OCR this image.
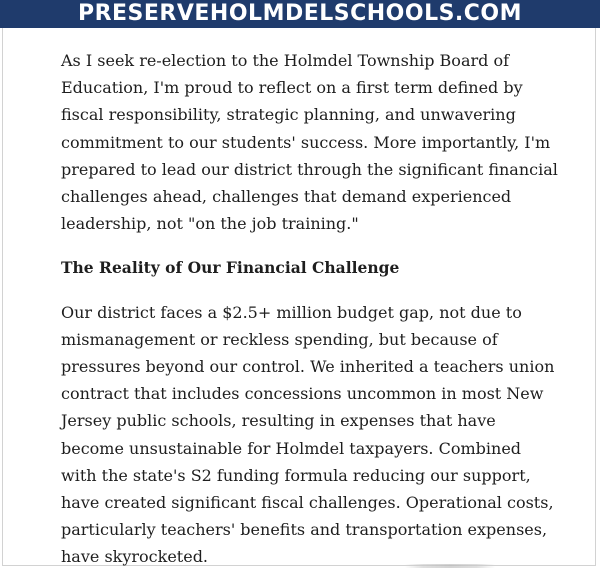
PRESERVEHOLMDELSCHOOLS.COM

As I seek re-election to the Holmdel Township Board of Education, I'm proud to reflect on a first term defined by fiscal responsibility, strategic planning, and unwavering commitment to our students' success. More importantly, I'm prepared to lead our district through the significant financial challenges ahead, challenges that demand experienced leadership, not "on the job training."

The Reality of Our Financial Challenge

Our district faces a $2.5+ million budget gap, not due to mismanagement or reckless spending, but because of pressures beyond our control. We inherited a teachers union contract that includes concessions uncommon in most New Jersey public schools, resulting in expenses that have become unsustainable for Holmdel taxpayers. Combined with the state's S2 funding formula reducing our support, have created significant fiscal challenges. Operational costs, particularly teachers' benefits and transportation expenses, have skyrocketed.
